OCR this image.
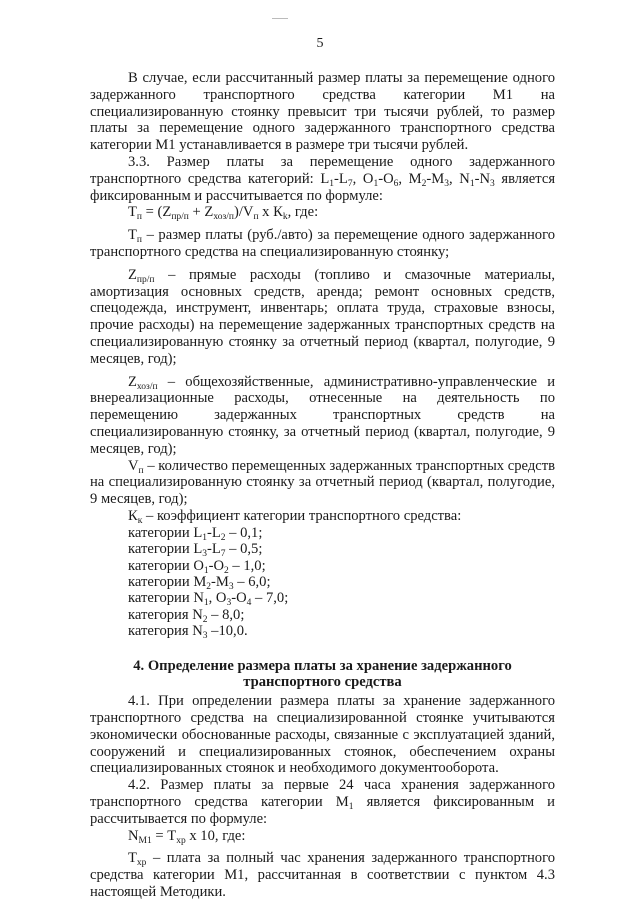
5

В случае, если рассчитанный размер платы за перемещение одного задержанного транспортного средства категории М1 на специализированную стоянку превысит три тысячи рублей, то размер платы за перемещение одного задержанного транспортного средства категории М1 устанавливается в размере три тысячи рублей.

3.3. Размер платы за перемещение одного задержанного транспортного средства категорий: $L_1-L_7$, $O_1-O_6$, $M_2-M_3$, $N_1-N_3$ является фиксированным и рассчитывается по формуле:

$Т_п = (Z_{пр/п} + Z_{хоз/п})/V_п$ х $К_k$, где:

$Т_п$ – размер платы (руб./авто) за перемещение одного задержанного транспортного средства на специализированную стоянку;

$Z_{пр/п}$ – прямые расходы (топливо и смазочные материалы, амортизация основных средств, аренда; ремонт основных средств, спецодежда, инструмент, инвентарь; оплата труда, страховые взносы, прочие расходы) на перемещение задержанных транспортных средств на специализированную стоянку за отчетный период (квартал, полугодие, 9 месяцев, год);

$Z_{хоз/п}$ – общехозяйственные, административно-управленческие и внереализационные расходы, отнесенные на деятельность по перемещению задержанных транспортных средств на специализированную стоянку, за отчетный период (квартал, полугодие, 9 месяцев, год);

$V_п$ – количество перемещенных задержанных транспортных средств на специализированную стоянку за отчетный период (квартал, полугодие, 9 месяцев, год);

$К_к$ – коэффициент категории транспортного средства:

категории $L_1-L_2 - 0,1$;

категории $L_3-L_7 - 0,5$;

категории $O_1-O_2 - 1,0$;

категории $M_2-M_3 - 6,0$;

категории $N_1$, $O_3-O_4 - 7,0$;

категория $N_2 - 8,0$;

категория $N_3$ –10,0.

4. Определение размера платы за хранение задержанного транспортного средства

4.1. При определении размера платы за хранение задержанного транспортного средства на специализированной стоянке учитываются экономически обоснованные расходы, связанные с эксплуатацией зданий, сооружений и специализированных стоянок, обеспечением охраны специализированных стоянок и необходимого документооборота.

4.2. Размер платы за первые 24 часа хранения задержанного транспортного средства категории $М_1$ является фиксированным и рассчитывается по формуле:

$N_{M1} = Т_{хр}$ х 10, где:

$Т_{хр}$ – плата за полный час хранения задержанного транспортного средства категории М1, рассчитанная в соответствии с пунктом 4.3 настоящей Методики.
